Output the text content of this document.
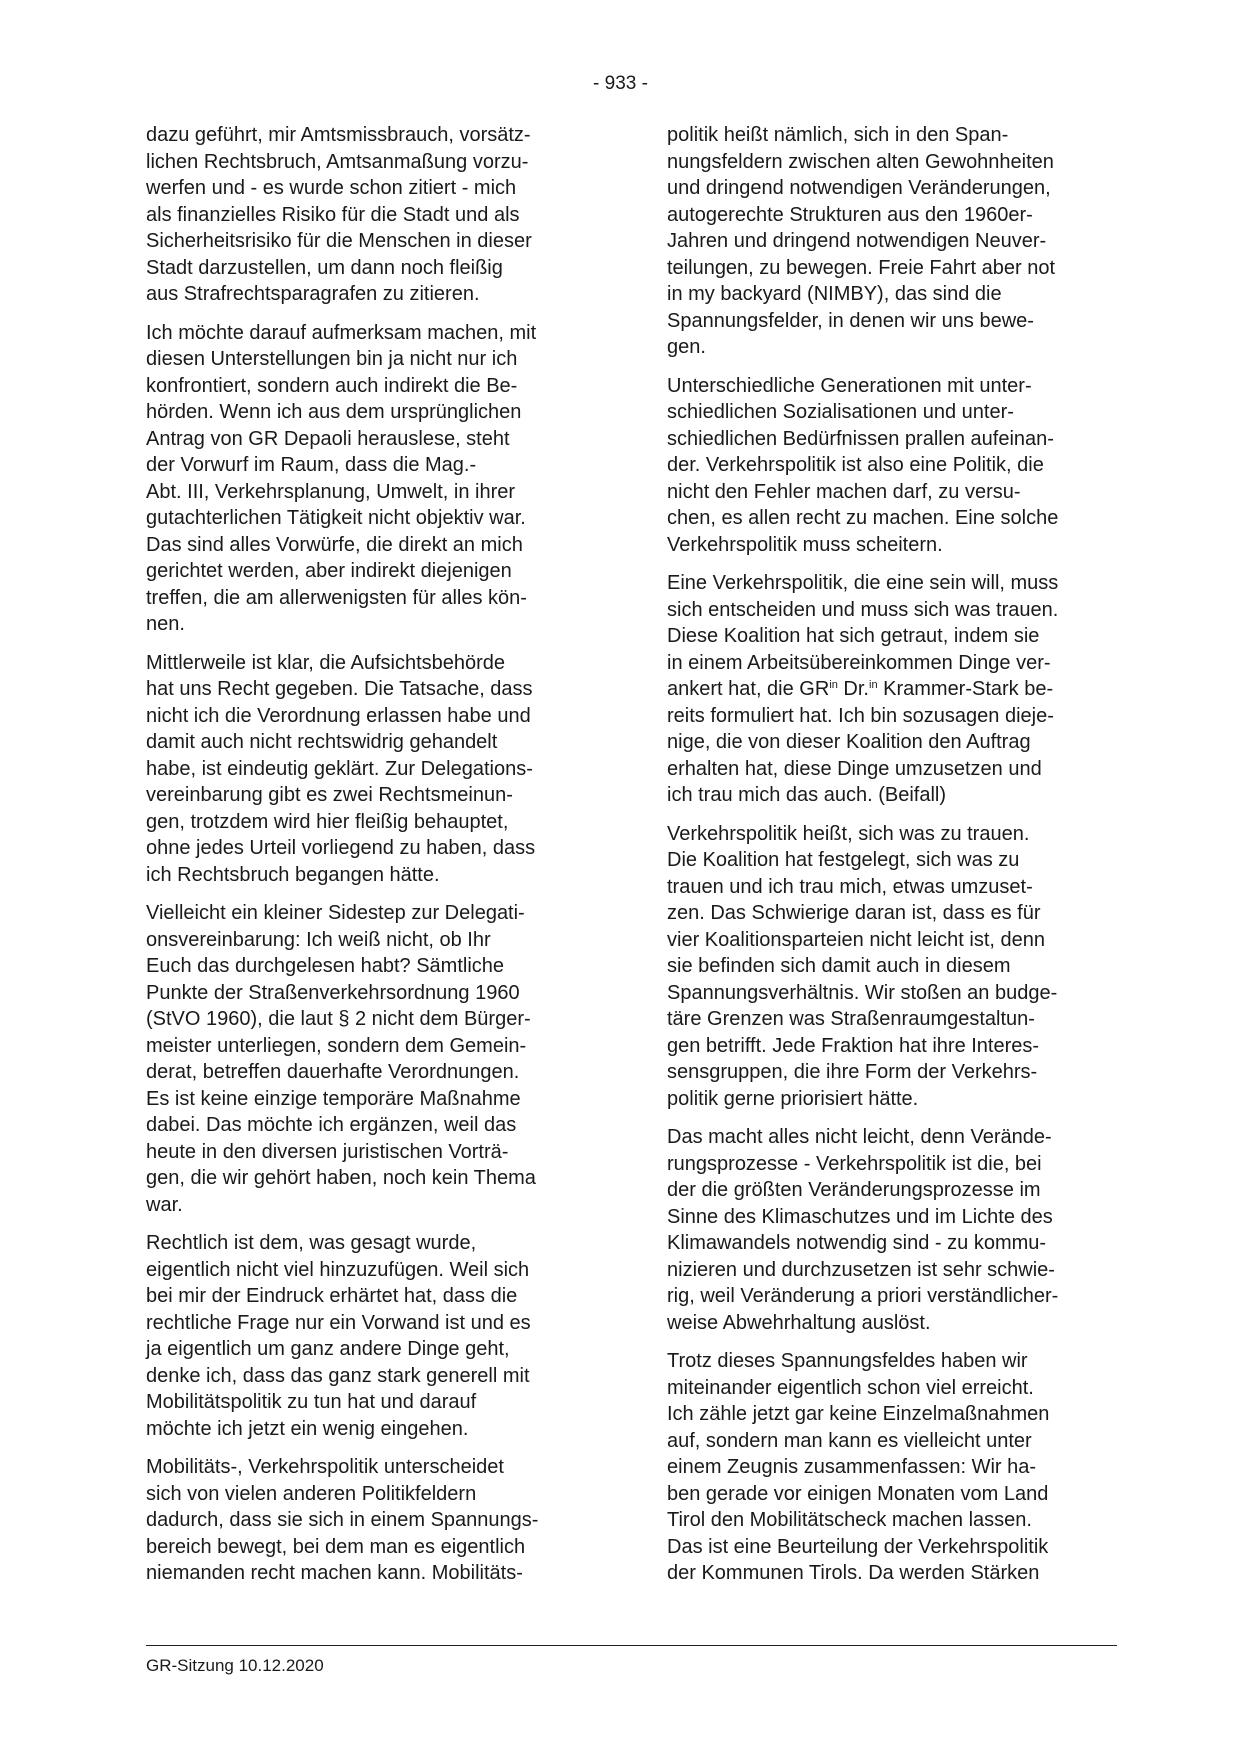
- 933 -

dazu geführt, mir Amtsmissbrauch, vorsätz-
lichen Rechtsbruch, Amtsanmaßung vorzu-
werfen und - es wurde schon zitiert - mich
als finanzielles Risiko für die Stadt und als
Sicherheitsrisiko für die Menschen in dieser
Stadt darzustellen, um dann noch fleißig
aus Strafrechtsparagrafen zu zitieren.

Ich möchte darauf aufmerksam machen, mit
diesen Unterstellungen bin ja nicht nur ich
konfrontiert, sondern auch indirekt die Be-
hörden. Wenn ich aus dem ursprünglichen
Antrag von GR Depaoli herauslese, steht
der Vorwurf im Raum, dass die Mag.-
Abt. III, Verkehrsplanung, Umwelt, in ihrer
gutachterlichen Tätigkeit nicht objektiv war.
Das sind alles Vorwürfe, die direkt an mich
gerichtet werden, aber indirekt diejenigen
treffen, die am allerwenigsten für alles kön-
nen.

Mittlerweile ist klar, die Aufsichtsbehörde
hat uns Recht gegeben. Die Tatsache, dass
nicht ich die Verordnung erlassen habe und
damit auch nicht rechtswidrig gehandelt
habe, ist eindeutig geklärt. Zur Delegations-
vereinbarung gibt es zwei Rechtsmeinun-
gen, trotzdem wird hier fleißig behauptet,
ohne jedes Urteil vorliegend zu haben, dass
ich Rechtsbruch begangen hätte.

Vielleicht ein kleiner Sidestep zur Delegati-
onsvereinbarung: Ich weiß nicht, ob Ihr
Euch das durchgelesen habt? Sämtliche
Punkte der Straßenverkehrsordnung 1960
(StVO 1960), die laut § 2 nicht dem Bürger-
meister unterliegen, sondern dem Gemein-
derat, betreffen dauerhafte Verordnungen.
Es ist keine einzige temporäre Maßnahme
dabei. Das möchte ich ergänzen, weil das
heute in den diversen juristischen Vorträ-
gen, die wir gehört haben, noch kein Thema
war.

Rechtlich ist dem, was gesagt wurde,
eigentlich nicht viel hinzuzufügen. Weil sich
bei mir der Eindruck erhärtet hat, dass die
rechtliche Frage nur ein Vorwand ist und es
ja eigentlich um ganz andere Dinge geht,
denke ich, dass das ganz stark generell mit
Mobilitätspolitik zu tun hat und darauf
möchte ich jetzt ein wenig eingehen.

Mobilitäts-, Verkehrspolitik unterscheidet
sich von vielen anderen Politikfeldern
dadurch, dass sie sich in einem Spannungs-
bereich bewegt, bei dem man es eigentlich
niemanden recht machen kann. Mobilitäts-

politik heißt nämlich, sich in den Span-
nungsfeldern zwischen alten Gewohnheiten
und dringend notwendigen Veränderungen,
autogerechte Strukturen aus den 1960er-
Jahren und dringend notwendigen Neuver-
teilungen, zu bewegen. Freie Fahrt aber not
in my backyard (NIMBY), das sind die
Spannungsfelder, in denen wir uns bewe-
gen.

Unterschiedliche Generationen mit unter-
schiedlichen Sozialisationen und unter-
schiedlichen Bedürfnissen prallen aufeinan-
der. Verkehrspolitik ist also eine Politik, die
nicht den Fehler machen darf, zu versu-
chen, es allen recht zu machen. Eine solche
Verkehrspolitik muss scheitern.

Eine Verkehrspolitik, die eine sein will, muss
sich entscheiden und muss sich was trauen.
Diese Koalition hat sich getraut, indem sie
in einem Arbeitsübereinkommen Dinge ver-
ankert hat, die $GR^{in}$ Dr.$^{in}$ Krammer-Stark be-
reits formuliert hat. Ich bin sozusagen dieje-
nige, die von dieser Koalition den Auftrag
erhalten hat, diese Dinge umzusetzen und
ich trau mich das auch. (Beifall)

Verkehrspolitik heißt, sich was zu trauen.
Die Koalition hat festgelegt, sich was zu
trauen und ich trau mich, etwas umzuset-
zen. Das Schwierige daran ist, dass es für
vier Koalitionsparteien nicht leicht ist, denn
sie befinden sich damit auch in diesem
Spannungsverhältnis. Wir stoßen an budge-
täre Grenzen was Straßenraumgestaltun-
gen betrifft. Jede Fraktion hat ihre Interes-
sensgruppen, die ihre Form der Verkehrs-
politik gerne priorisiert hätte.

Das macht alles nicht leicht, denn Verände-
rungsprozesse - Verkehrspolitik ist die, bei
der die größten Veränderungsprozesse im
Sinne des Klimaschutzes und im Lichte des
Klimawandels notwendig sind - zu kommu-
nizieren und durchzusetzen ist sehr schwie-
rig, weil Veränderung a priori verständlicher-
weise Abwehrhaltung auslöst.

Trotz dieses Spannungsfeldes haben wir
miteinander eigentlich schon viel erreicht.
Ich zähle jetzt gar keine Einzelmaßnahmen
auf, sondern man kann es vielleicht unter
einem Zeugnis zusammenfassen: Wir ha-
ben gerade vor einigen Monaten vom Land
Tirol den Mobilitätscheck machen lassen.
Das ist eine Beurteilung der Verkehrspolitik
der Kommunen Tirols. Da werden Stärken

GR-Sitzung 10.12.2020
